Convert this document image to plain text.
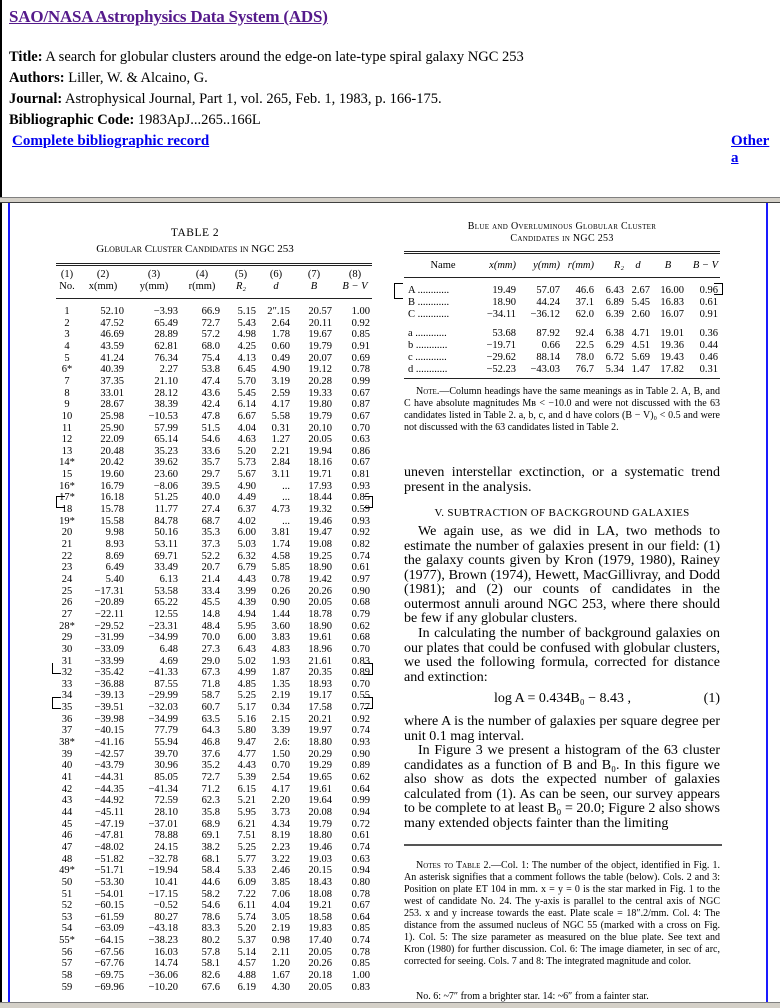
SAO/NASA Astrophysics Data System (ADS)
Title: A search for globular clusters around the edge-on late-type spiral galaxy NGC 253
Authors: Liller, W. & Alcaino, G.
Journal: Astrophysical Journal, Part 1, vol. 265, Feb. 1, 1983, p. 166-175.
Bibliographic Code: 1983ApJ...265..166L
Complete bibliographic record	Other a
TABLE 2
Globular Cluster Candidates in NGC 253
(1)	(2)	(3)	(4)	(5)	(6)	(7)	(8)
No.	x(mm)	y(mm)	r(mm)	R₂	d	B	B − V
1	52.10	−3.93	66.9	5.15	2″.15	20.57	1.00
2	47.52	65.49	72.7	5.43	2.64	20.11	0.92
3	46.69	28.89	57.2	4.98	1.78	19.67	0.85
4	43.59	62.81	68.0	4.25	0.60	19.79	0.91
5	41.24	76.34	75.4	4.13	0.49	20.07	0.69
6*	40.39	2.27	53.8	6.45	4.90	19.12	0.78
7	37.35	21.10	47.4	5.70	3.19	20.28	0.99
8	33.01	28.12	43.6	5.45	2.59	19.33	0.67
9	28.67	38.39	42.4	6.14	4.17	19.80	0.87
10	25.98	−10.53	47.8	6.67	5.58	19.79	0.67
11	25.90	57.99	51.5	4.04	0.31	20.10	0.70
12	22.09	65.14	54.6	4.63	1.27	20.05	0.63
13	20.48	35.23	33.6	5.20	2.21	19.94	0.86
14*	20.42	39.62	35.7	5.73	2.84	18.16	0.67
15	19.60	23.60	29.7	5.67	3.11	19.71	0.81
16*	16.79	−8.06	39.5	4.90	...	17.93	0.93
17*	16.18	51.25	40.0	4.49	...	18.44	0.85
18	15.78	11.77	27.4	6.37	4.73	19.32	0.59
19*	15.58	84.78	68.7	4.02	...	19.46	0.93
20	9.98	50.16	35.3	6.00	3.81	19.47	0.92
21	8.93	53.11	37.3	5.03	1.74	19.08	0.82
22	8.69	69.71	52.2	6.32	4.58	19.25	0.74
23	6.49	33.49	20.7	6.79	5.85	18.90	0.61
24	5.40	6.13	21.4	4.43	0.78	19.42	0.97
25	−17.31	53.58	33.4	3.99	0.26	20.26	0.90
26	−20.89	65.22	45.5	4.39	0.90	20.05	0.68
27	−22.11	12.55	14.8	4.94	1.44	18.78	0.79
28*	−29.52	−23.31	48.4	5.95	3.60	18.90	0.62
29	−31.99	−34.99	70.0	6.00	3.83	19.61	0.68
30	−33.09	6.48	27.3	6.43	4.83	18.96	0.70
31	−33.99	4.69	29.0	5.02	1.93	21.61	0.83
32	−35.42	−41.33	67.3	4.99	1.87	20.35	0.89
33	−36.88	87.55	71.8	4.85	1.35	18.93	0.70
34	−39.13	−29.99	58.7	5.25	2.19	19.17	0.55
35	−39.51	−32.03	60.7	5.17	0.34	17.58	0.77
36	−39.98	−34.99	63.5	5.16	2.15	20.21	0.92
37	−40.15	77.79	64.3	5.80	3.39	19.97	0.74
38*	−41.16	55.94	46.8	9.47	2.6:	18.80	0.93
39	−42.57	39.70	37.6	4.77	1.50	20.29	0.90
40	−43.79	30.96	35.2	4.43	0.70	19.29	0.89
41	−44.31	85.05	72.7	5.39	2.54	19.65	0.62
42	−44.35	−41.34	71.2	6.15	4.17	19.61	0.64
43	−44.92	72.59	62.3	5.21	2.20	19.64	0.99
44	−45.11	28.10	35.8	5.95	3.73	20.08	0.94
45	−47.19	−37.01	68.9	6.21	4.34	19.79	0.72
46	−47.81	78.88	69.1	7.51	8.19	18.80	0.61
47	−48.02	24.15	38.2	5.25	2.23	19.46	0.74
48	−51.82	−32.78	68.1	5.77	3.22	19.03	0.63
49*	−51.71	−19.94	58.4	5.33	2.46	20.15	0.94
50	−53.30	10.41	44.6	6.09	3.85	18.43	0.80
51	−54.01	−17.15	58.2	7.22	7.06	18.08	0.78
52	−60.15	−0.52	54.6	6.11	4.04	19.21	0.67
53	−61.59	80.27	78.6	5.74	3.05	18.58	0.64
54	−63.09	−43.18	83.3	5.20	2.19	19.83	0.85
55*	−64.15	−38.23	80.2	5.37	0.98	17.40	0.74
56	−67.56	16.03	57.8	5.14	2.11	20.05	0.78
57	−67.76	14.74	58.1	4.57	1.20	20.26	0.85
58	−69.75	−36.06	82.6	4.88	1.67	20.18	1.00
59	−69.96	−10.20	67.6	6.19	4.30	20.05	0.83
Blue and Overluminous Globular Cluster
Candidates in NGC 253
Name	x(mm)	y(mm) r(mm)	R₂	d	B	B − V
A ............	19.49	57.07	46.6	6.43 2.67 16.00	0.96
B ............	18.90	44.24	37.1	6.89 5.45 16.83	0.61
C ............	−34.11	−36.12	62.0	6.39 2.60 16.07	0.91
a ............	53.68	87.92	92.4	6.38 4.71 19.01	0.36
b ............	−19.71	0.66	22.5	6.29 4.51 19.36	0.44
c ............	−29.62	88.14	78.0	6.72 5.69 19.43	0.46
d ............	−52.23	−43.03	76.7	5.34 1.47 17.82	0.31
Note.—Column headings have the same meanings as in Table 2. A, B, and C have absolute magnitudes Mʙ < −10.0 and were not discussed with the 63 candidates listed in Table 2. a, b, c, and d have colors (B − V)₀ < 0.5 and were not discussed with the 63 candidates listed in Table 2.
uneven interstellar exctinction, or a systematic trend present in the analysis.
V. SUBTRACTION OF BACKGROUND GALAXIES
We again use, as we did in LA, two methods to estimate the number of galaxies present in our field: (1) the galaxy counts given by Kron (1979, 1980), Rainey (1977), Brown (1974), Hewett, MacGillivray, and Dodd (1981); and (2) our counts of candidates in the outermost annuli around NGC 253, where there should be few if any globular clusters.
In calculating the number of background galaxies on our plates that could be confused with globular clusters, we used the following formula, corrected for distance and extinction:
log A = 0.434B₀ − 8.43 ,	(1)
where A is the number of galaxies per square degree per unit 0.1 mag interval.
In Figure 3 we present a histogram of the 63 cluster candidates as a function of B and B₀. In this figure we also show as dots the expected number of galaxies calculated from (1). As can be seen, our survey appears to be complete to at least B₀ = 20.0; Figure 2 also shows many extended objects fainter than the limiting
Notes to Table 2.—Col. 1: The number of the object, identified in Fig. 1. An asterisk signifies that a comment follows the table (below). Cols. 2 and 3: Position on plate ET 104 in mm. x = y = 0 is the star marked in Fig. 1 to the west of candidate No. 24. The y-axis is parallel to the central axis of NGC 253. x and y increase towards the east. Plate scale = 18″.2/mm. Col. 4: The distance from the assumed nucleus of NGC 55 (marked with a cross on Fig. 1). Col. 5: The size parameter as measured on the blue plate. See text and Kron (1980) for further discussion. Col. 6: The image diameter, in sec of arc, corrected for seeing. Cols. 7 and 8: The integrated magnitude and color.
No. 6: ~7″ from a brighter star. 14: ~6″ from a fainter star.
